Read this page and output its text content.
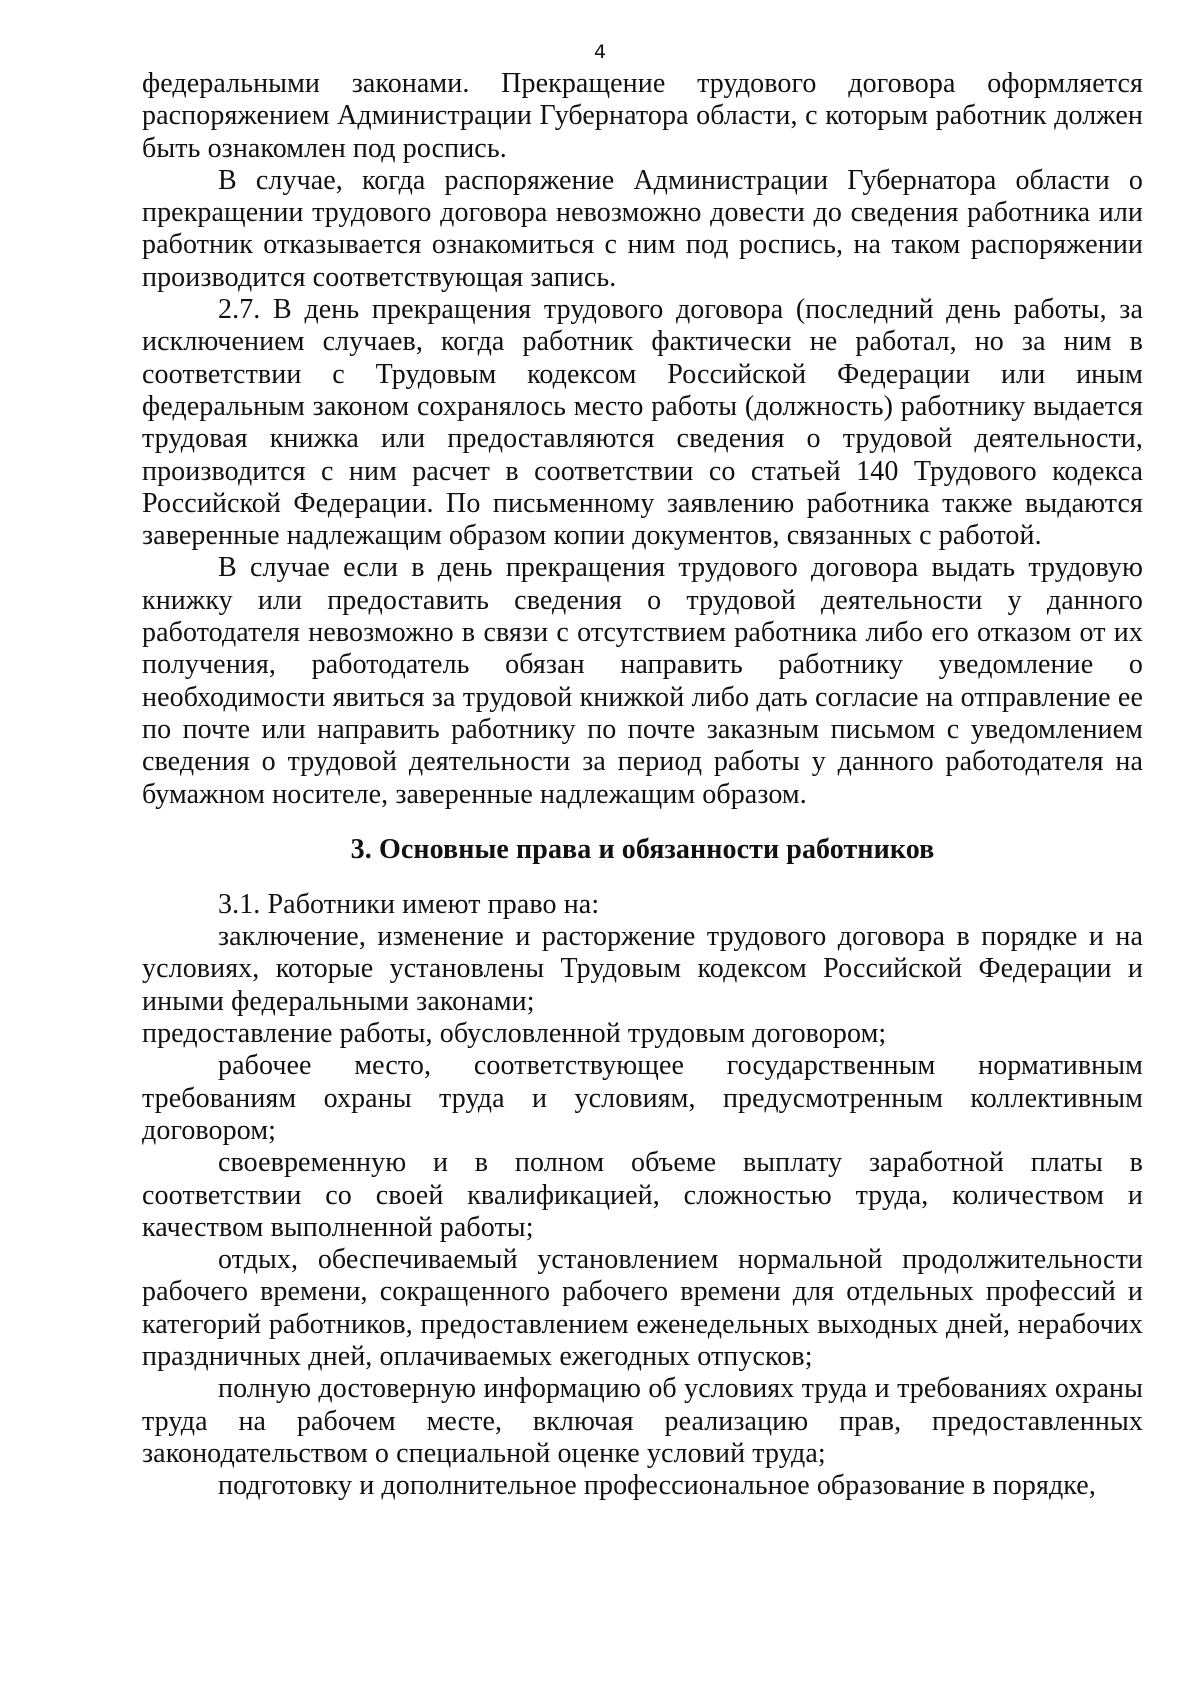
4

федеральными законами. Прекращение трудового договора оформляется распоряжением Администрации Губернатора области, с которым работник должен быть ознакомлен под роспись.

В случае, когда распоряжение Администрации Губернатора области о прекращении трудового договора невозможно довести до сведения работника или работник отказывается ознакомиться с ним под роспись, на таком распоряжении производится соответствующая запись.

2.7. В день прекращения трудового договора (последний день работы, за исключением случаев, когда работник фактически не работал, но за ним в соответствии с Трудовым кодексом Российской Федерации или иным федеральным законом сохранялось место работы (должность) работнику выдается трудовая книжка или предоставляются сведения о трудовой деятельности, производится с ним расчет в соответствии со статьей 140 Трудового кодекса Российской Федерации. По письменному заявлению работника также выдаются заверенные надлежащим образом копии документов, связанных с работой.

В случае если в день прекращения трудового договора выдать трудовую книжку или предоставить сведения о трудовой деятельности у данного работодателя невозможно в связи с отсутствием работника либо его отказом от их получения, работодатель обязан направить работнику уведомление о необходимости явиться за трудовой книжкой либо дать согласие на отправление ее по почте или направить работнику по почте заказным письмом с уведомлением сведения о трудовой деятельности за период работы у данного работодателя на бумажном носителе, заверенные надлежащим образом.

3. Основные права и обязанности работников

3.1. Работники имеют право на:

заключение, изменение и расторжение трудового договора в порядке и на условиях, которые установлены Трудовым кодексом Российской Федерации и иными федеральными законами;

предоставление работы, обусловленной трудовым договором;

рабочее место, соответствующее государственным нормативным требованиям охраны труда и условиям, предусмотренным коллективным договором;

своевременную и в полном объеме выплату заработной платы в соответствии со своей квалификацией, сложностью труда, количеством и качеством выполненной работы;

отдых, обеспечиваемый установлением нормальной продолжительности рабочего времени, сокращенного рабочего времени для отдельных профессий и категорий работников, предоставлением еженедельных выходных дней, нерабочих праздничных дней, оплачиваемых ежегодных отпусков;

полную достоверную информацию об условиях труда и требованиях охраны труда на рабочем месте, включая реализацию прав, предоставленных законодательством о специальной оценке условий труда;

подготовку и дополнительное профессиональное образование в порядке,
